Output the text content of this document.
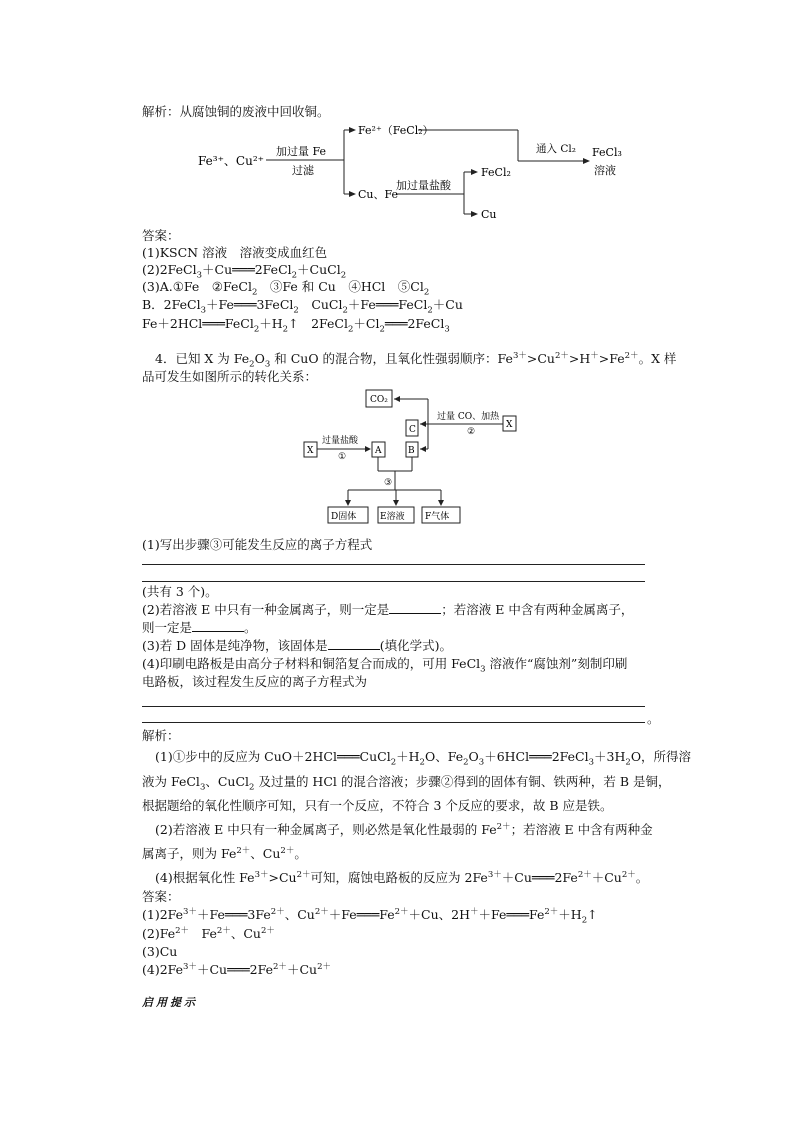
解析：从腐蚀铜的废液中回收铜。
Fe³⁺、Cu²⁺
加过量 Fe
过滤
Fe²⁺（FeCl₂）
通入 Cl₂ FeCl₃
溶液
Cu、Fe
加过量盐酸
FeCl₂
Cu
答案：
(1)KSCN 溶液　溶液变成血红色
(2)2FeCl$_3$＋Cu═══2FeCl$_2$＋CuCl$_2$
(3)A.①Fe　②FeCl$_2$　③Fe 和 Cu　④HCl　$⑤Cl_2$
B．2FeCl$_3$＋Fe═══3FeCl$_2$　CuCl$_2$＋Fe═══FeCl$_2$＋Cu
$Fe+2HCl═══FeCl_2+H_2↑$　$2FeCl_2+Cl_2═══2FeCl_3$
4．已知 X 为 $Fe_2O_3$ 和 CuO 的混合物，且氧化性强弱顺序：$Fe^{3+}>Cu^{2+}>H^+>Fe^{2+}$。X 样
品可发生如图所示的转化关系：
CO₂
C	X
X	A	B
过量 CO、加热
②
过量盐酸
①
③
D固体	E溶液 F气体
(1)写出步骤③可能发生反应的离子方程式
(共有 3 个)。
(2)若溶液 E 中只有一种金属离子，则一定是	；若溶液 E 中含有两种金属离子，
则一定是	。
(3)若 D 固体是纯净物，该固体是	(填化学式)。
(4)印刷电路板是由高分子材料和铜箔复合而成的，可用 FeCl$_3$ 溶液作“腐蚀剂”刻制印刷
电路板，该过程发生反应的离子方程式为
。
解析：
(1)①步中的反应为 $CuO+2HCl═══CuCl_2+H_2O$、$Fe_2O_3+6HCl═══2FeCl_3+3H_2O$，所得溶
液为 FeCl$_3$、CuCl$_2$ 及过量的 HCl 的混合溶液；步骤②得到的固体有铜、铁两种，若 B 是铜，
根据题给的氧化性顺序可知，只有一个反应，不符合 3 个反应的要求，故 B 应是铁。
(2)若溶液 E 中只有一种金属离子，则必然是氧化性最弱的 $Fe^{2+}$；若溶液 E 中含有两种金
属离子，则为 $Fe^{2+}$、$Cu^{2+}$。
(4)根据氧化性 $Fe^{3+}>Cu^{2+}$可知，腐蚀电路板的反应为 $2Fe^{3+}+Cu═══2Fe^{2+}+Cu^{2+}$。
答案：
$(1)2Fe^{3+}+Fe═══3Fe^{2+}$、$Cu^{2+}+Fe═══Fe^{2+}+Cu$、$2H^++Fe═══Fe^{2+}+H_2↑$
$(2)Fe^{2+}$　$Fe^{2+}$、$Cu^{2+}$
(3)Cu
$(4)2Fe^{3+}+Cu═══2Fe^{2+}+Cu^{2+}$
启用提示
